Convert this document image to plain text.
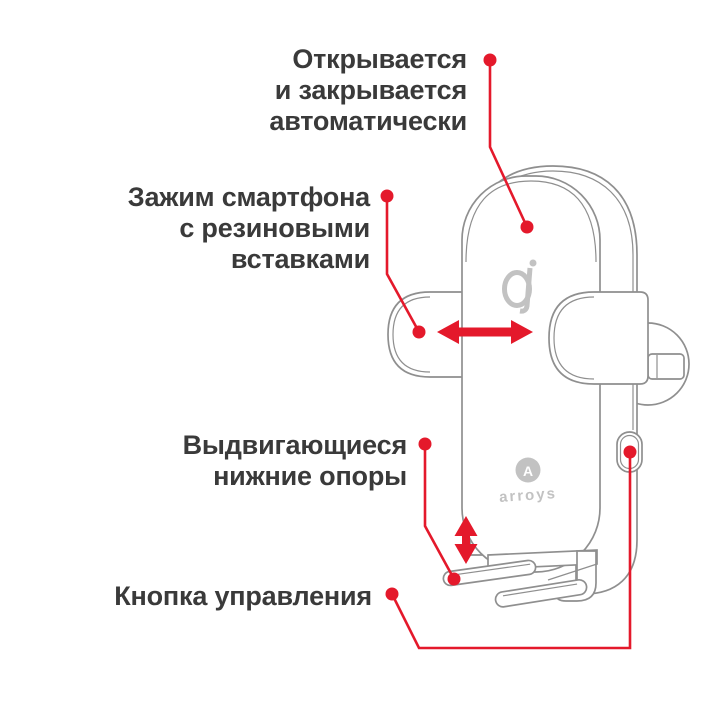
A
arroys
Открывается
и закрывается
автоматически
Зажим смартфона
с резиновыми
вставками
Выдвигающиеся
нижние опоры
Кнопка управления
